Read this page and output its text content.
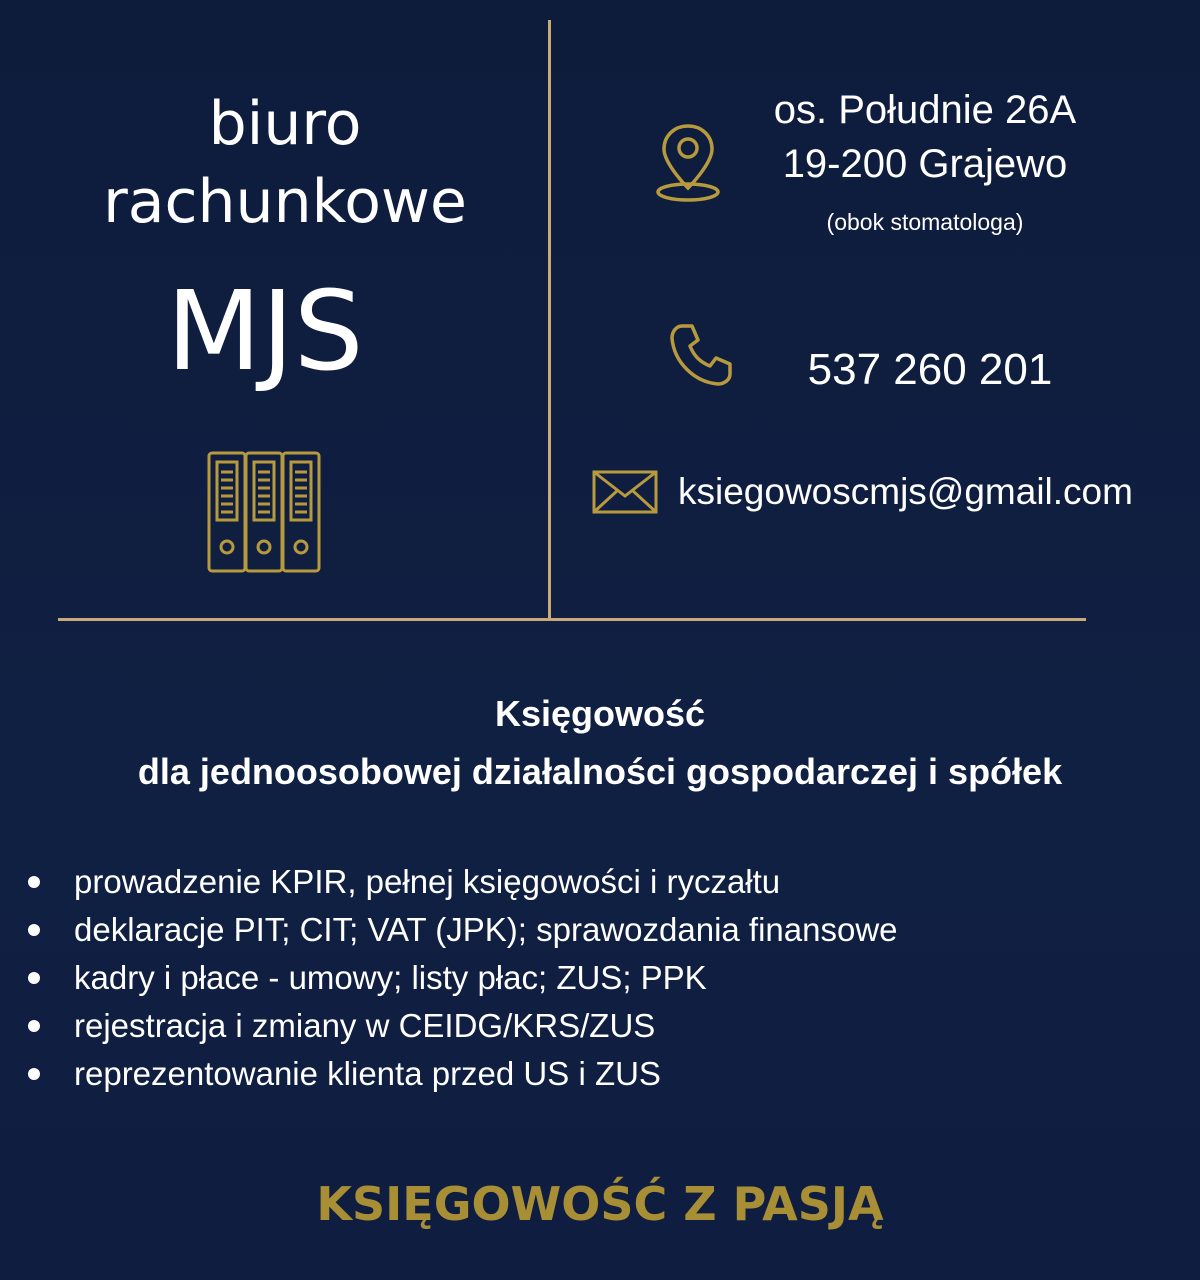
biuro
rachunkowe
MJS
os. Południe 26A
19-200 Grajewo
(obok stomatologa)
537 260 201
ksiegowoscmjs@gmail.com
Księgowość
dla jednoosobowej działalności gospodarczej i spółek
prowadzenie KPIR, pełnej księgowości i ryczałtu
deklaracje PIT; CIT; VAT (JPK); sprawozdania finansowe
kadry i płace - umowy; listy płac; ZUS; PPK
rejestracja i zmiany w CEIDG/KRS/ZUS
reprezentowanie klienta przed US i ZUS
KSIĘGOWOŚĆ Z PASJĄ
